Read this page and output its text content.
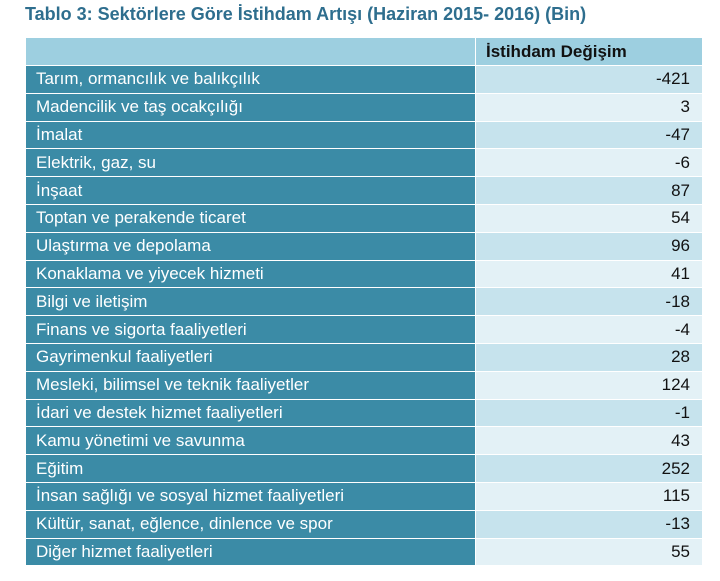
Tablo 3: Sektörlere Göre İstihdam Artışı (Haziran 2015- 2016) (Bin)
İstihdam Değişim
Tarım, ormancılık ve balıkçılık	-421
Madencilik ve taş ocakçılığı	3
İmalat	-47
Elektrik, gaz, su	-6
İnşaat	87
Toptan ve perakende ticaret	54
Ulaştırma ve depolama	96
Konaklama ve yiyecek hizmeti	41
Bilgi ve iletişim	-18
Finans ve sigorta faaliyetleri	-4
Gayrimenkul faaliyetleri	28
Mesleki, bilimsel ve teknik faaliyetler	124
İdari ve destek hizmet faaliyetleri	-1
Kamu yönetimi ve savunma	43
Eğitim	252
İnsan sağlığı ve sosyal hizmet faaliyetleri	115
Kültür, sanat, eğlence, dinlence ve spor	-13
Diğer hizmet faaliyetleri	55
